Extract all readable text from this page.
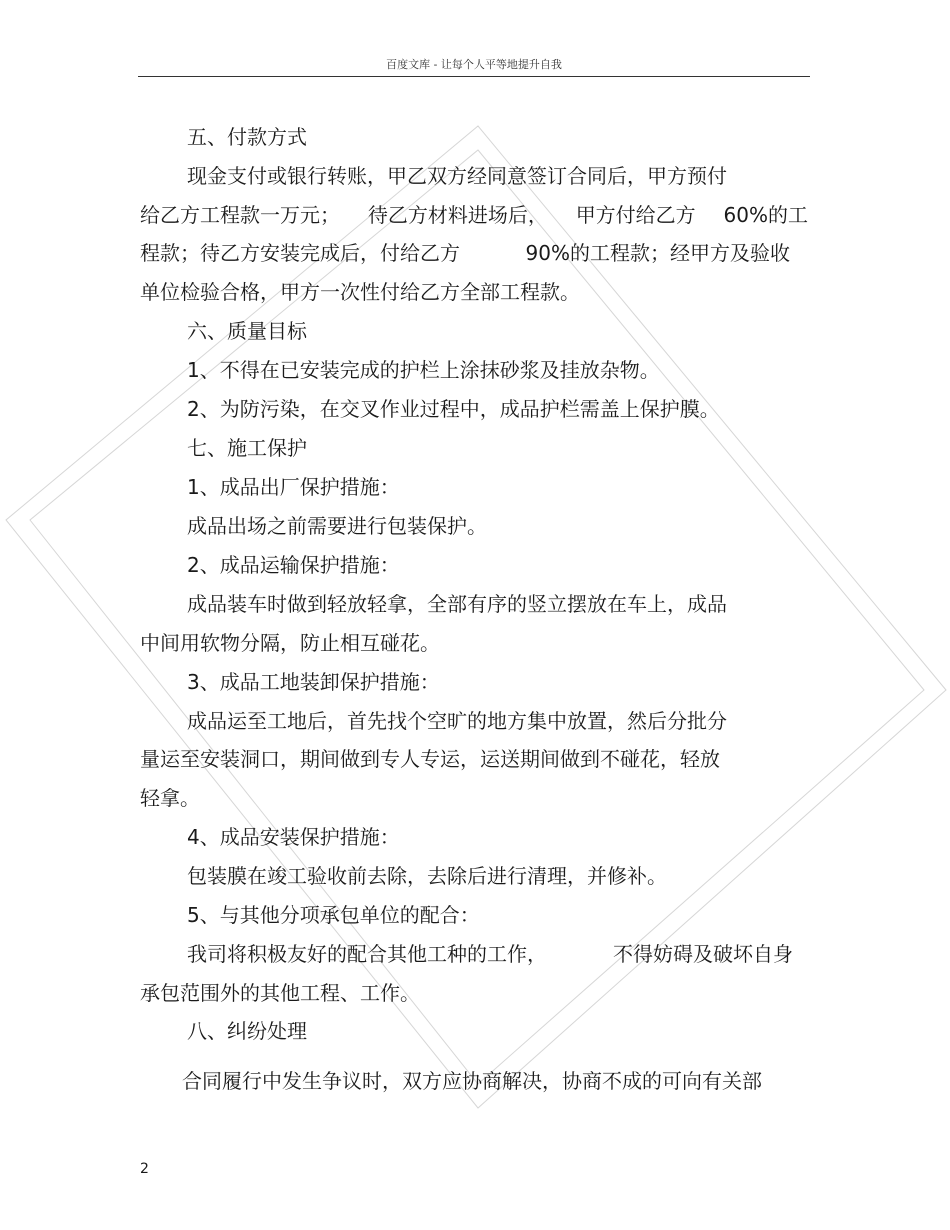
百度文库 - 让每个人平等地提升自我
五、付款方式
现金支付或银行转账，甲乙双方经同意签订合同后，甲方预付
给乙方工程款一万元； 待乙方材料进场后， 甲方付给乙方 60%的工
程款；待乙方安装完成后，付给乙方	90%的工程款；经甲方及验收
单位检验合格，甲方一次性付给乙方全部工程款。
六、质量目标
1、不得在已安装完成的护栏上涂抹砂浆及挂放杂物。
2、为防污染，在交叉作业过程中，成品护栏需盖上保护膜。
七、施工保护
1、成品出厂保护措施：
成品出场之前需要进行包装保护。
2、成品运输保护措施：
成品装车时做到轻放轻拿，全部有序的竖立摆放在车上，成品
中间用软物分隔，防止相互碰花。
3、成品工地装卸保护措施：
成品运至工地后，首先找个空旷的地方集中放置，然后分批分
量运至安装洞口，期间做到专人专运，运送期间做到不碰花，轻放
轻拿。
4、成品安装保护措施：
包装膜在竣工验收前去除，去除后进行清理，并修补。
5、与其他分项承包单位的配合：
我司将积极友好的配合其他工种的工作，	不得妨碍及破坏自身
承包范围外的其他工程、工作。
八、纠纷处理
合同履行中发生争议时，双方应协商解决，协商不成的可向有关部
2
